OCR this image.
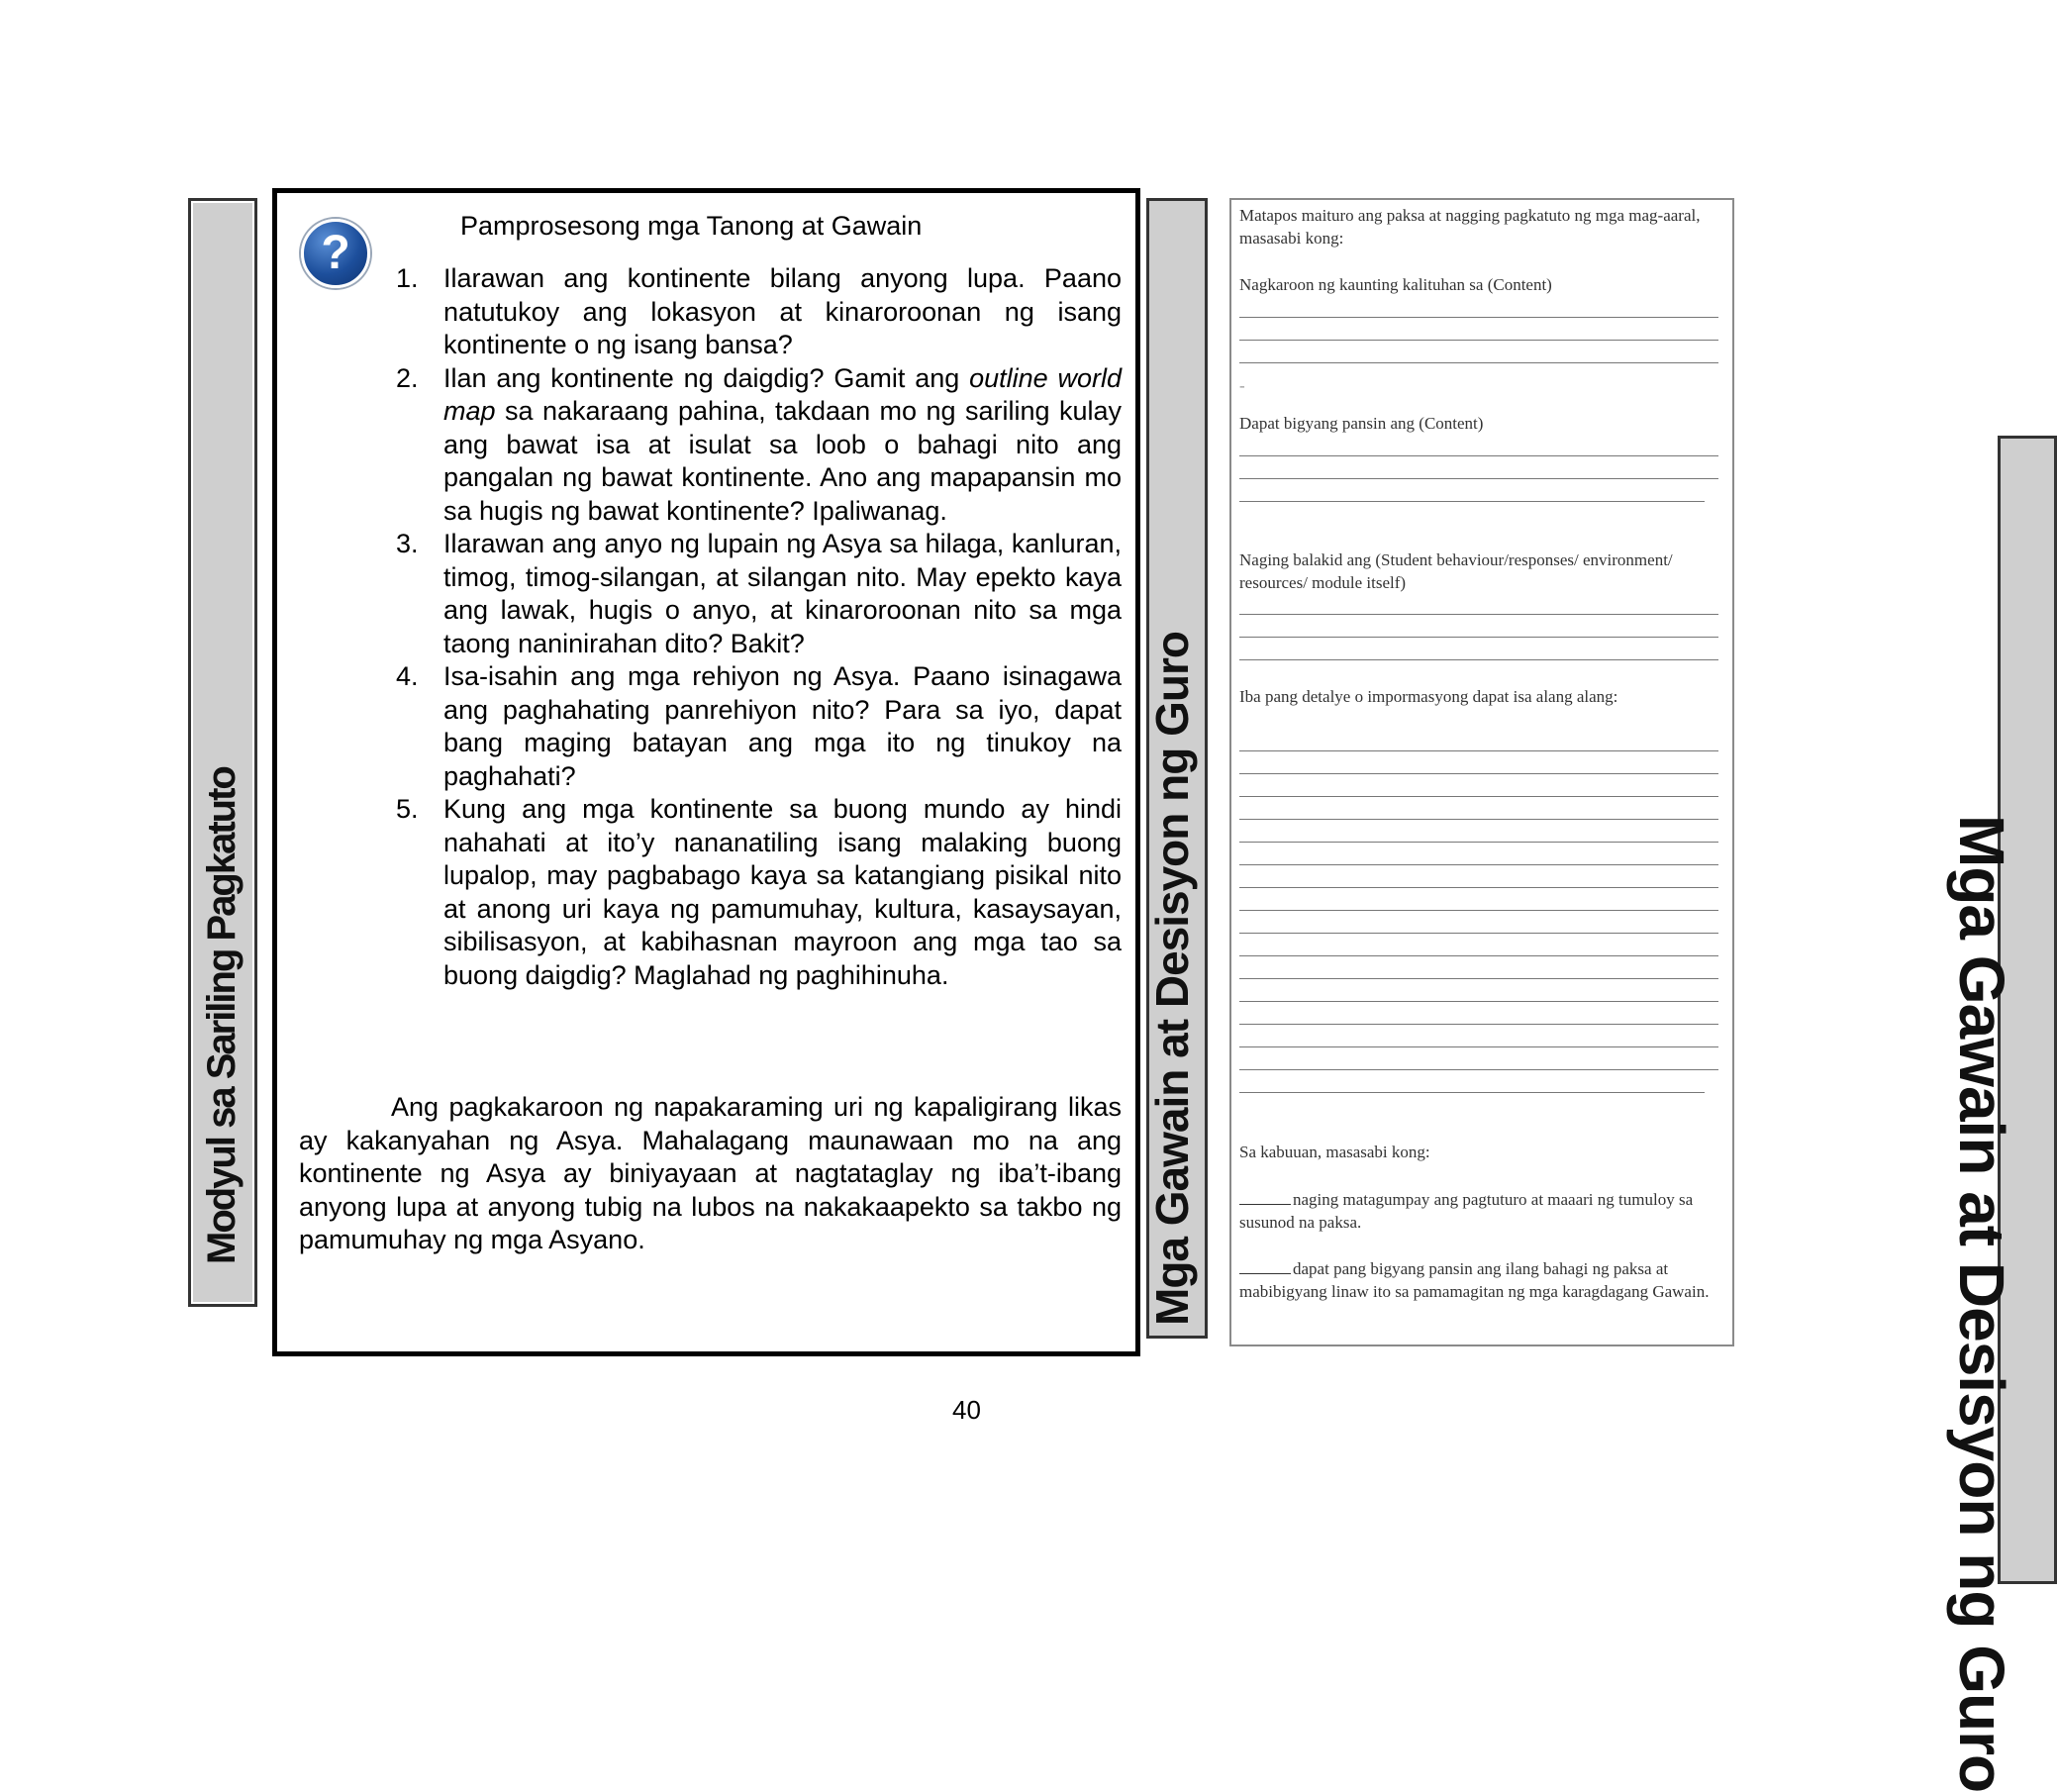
Modyul sa Sariling Pagkatuto
?
Pamprosesong mga Tanong at Gawain
1. Ilarawan ang kontinente bilang anyong lupa. Paano natutukoy ang lokasyon at kinaroroonan ng isang kontinente o ng isang bansa?
2. Ilan ang kontinente ng daigdig? Gamit ang outline world map sa nakaraang pahina, takdaan mo ng sariling kulay ang bawat isa at isulat sa loob o bahagi nito ang pangalan ng bawat kontinente. Ano ang mapapansin mo sa hugis ng bawat kontinente? Ipaliwanag.
3. Ilarawan ang anyo ng lupain ng Asya sa hilaga, kanluran, timog, timog-silangan, at silangan nito. May epekto kaya ang lawak, hugis o anyo, at kinaroroonan nito sa mga taong naninirahan dito? Bakit?
4. Isa-isahin ang mga rehiyon ng Asya. Paano isinagawa ang paghahating panrehiyon nito? Para sa iyo, dapat bang maging batayan ang mga ito ng tinukoy na paghahati?
5. Kung ang mga kontinente sa buong mundo ay hindi nahahati at ito’y nananatiling isang malaking buong lupalop, may pagbabago kaya sa katangiang pisikal nito at anong uri kaya ng pamumuhay, kultura, kasaysayan, sibilisasyon, at kabihasnan mayroon ang mga tao sa buong daigdig? Maglahad ng paghihinuha.

Ang pagkakaroon ng napakaraming uri ng kapaligirang likas ay kakanyahan ng Asya. Mahalagang maunawaan mo na ang kontinente ng Asya ay biniyayaan at nagtataglay ng iba’t-ibang anyong lupa at anyong tubig na lubos na nakakaapekto sa takbo ng pamumuhay ng mga Asyano.	Mga Gawain at Desisyon ng Guro

Matapos maituro ang paksa at nagging pagkatuto ng mga mag-aaral, masasabi kong:

Nagkaroon ng kaunting kalituhan sa (Content)

-

Dapat bigyang pansin ang (Content)

Naging balakid ang (Student behaviour/responses/ environment/ resources/ module itself)

Iba pang detalye o impormasyong dapat isa alang alang:

Sa kabuuan, masasabi kong:

naging matagumpay ang pagtuturo at maaari ng tumuloy sa susunod na paksa.

dapat pang bigyang pansin ang ilang bahagi ng paksa at mabibigyang linaw ito sa pamamagitan ng mga karagdagang Gawain.	Mga Gawain at Desisyon ng Guro
40
